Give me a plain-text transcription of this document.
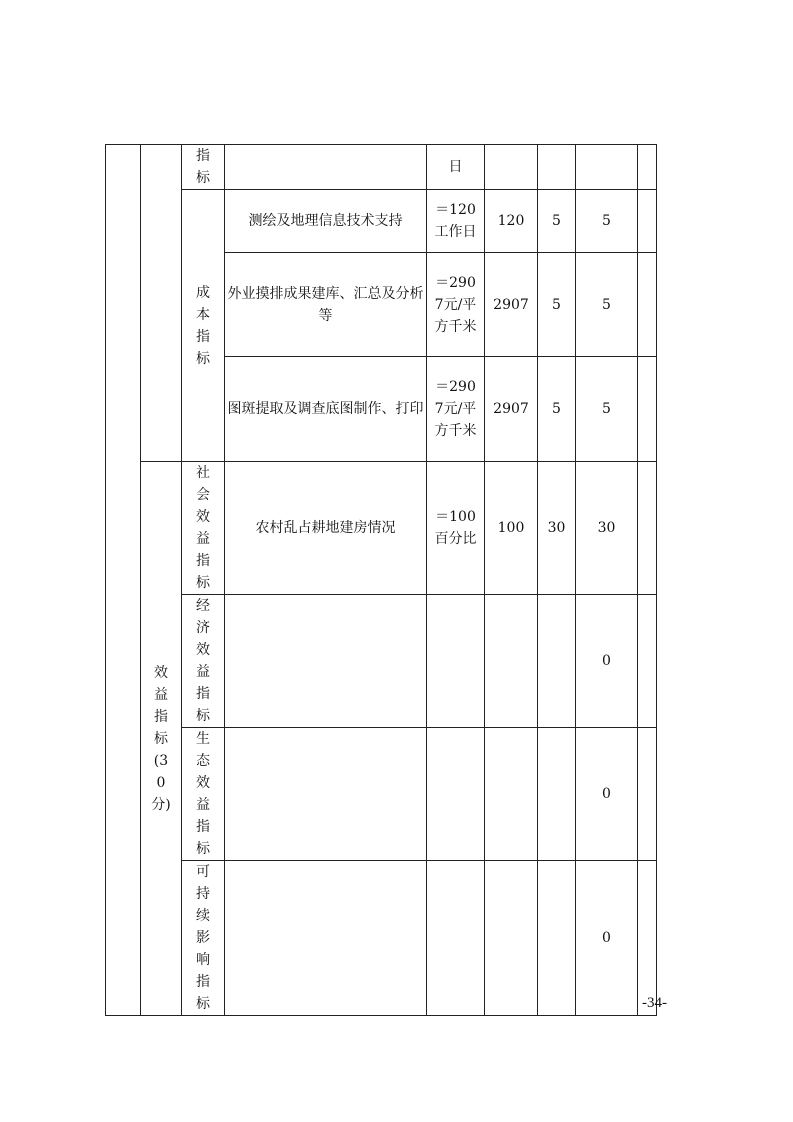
		指标		日				
		成本指标	测绘及地理信息技术支持	＝120工作日	120	5	5	
			外业摸排成果建库、汇总及分析等	＝2907元/平方千米	2907	5	5	
			图斑提取及调查底图制作、打印	＝2907元/平方千米	2907	5	5	
	效益指标(30分)	社会效益指标	农村乱占耕地建房情况	＝100百分比	100	30	30	
		经济效益指标					0	
		生态效益指标					0	
		可持续影响指标					0	
-34-
